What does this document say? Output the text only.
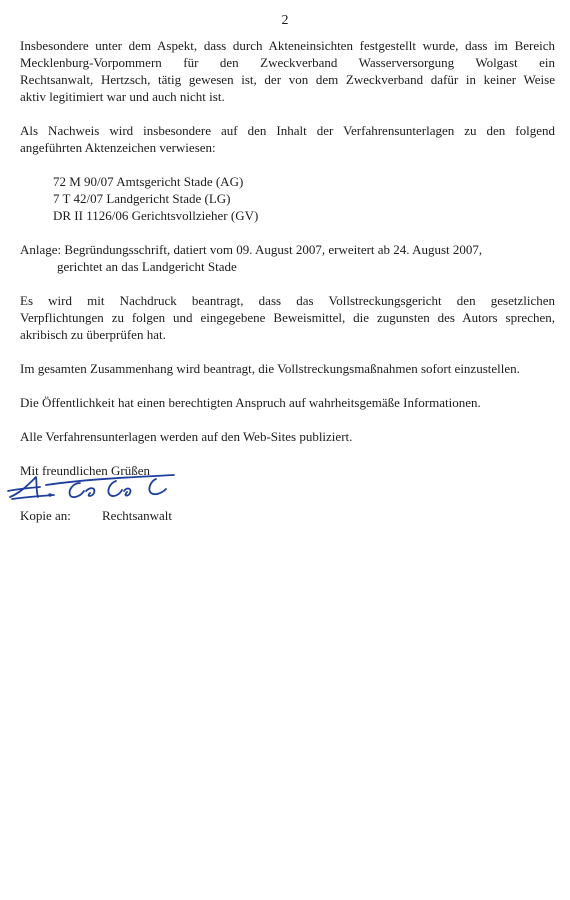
2

Insbesondere unter dem Aspekt, dass durch Akteneinsichten festgestellt wurde, dass im Bereich
Mecklenburg-Vorpommern für den Zweckverband Wasserversorgung Wolgast ein
Rechtsanwalt, Hertzsch, tätig gewesen ist, der von dem Zweckverband dafür in keiner Weise
aktiv legitimiert war und auch nicht ist.

Als Nachweis wird insbesondere auf den Inhalt der Verfahrensunterlagen zu den folgend
angeführten Aktenzeichen verwiesen:

72 M 90/07 Amtsgericht Stade (AG)
7 T 42/07 Landgericht Stade (LG)
DR II 1126/06 Gerichtsvollzieher (GV)
Anlage: Begründungsschrift, datiert vom 09. August 2007, erweitert ab 24. August 2007,
gerichtet an das Landgericht Stade

Es wird mit Nachdruck beantragt, dass das Vollstreckungsgericht den gesetzlichen
Verpflichtungen zu folgen und eingegebene Beweismittel, die zugunsten des Autors sprechen,
akribisch zu überprüfen hat.

Im gesamten Zusammenhang wird beantragt, die Vollstreckungsmaßnahmen sofort einzustellen.

Die Öffentlichkeit hat einen berechtigten Anspruch auf wahrheitsgemäße Informationen.

Alle Verfahrensunterlagen werden auf den Web-Sites publiziert.

Mit freundlichen Grüßen

Kopie an:	Rechtsanwalt
